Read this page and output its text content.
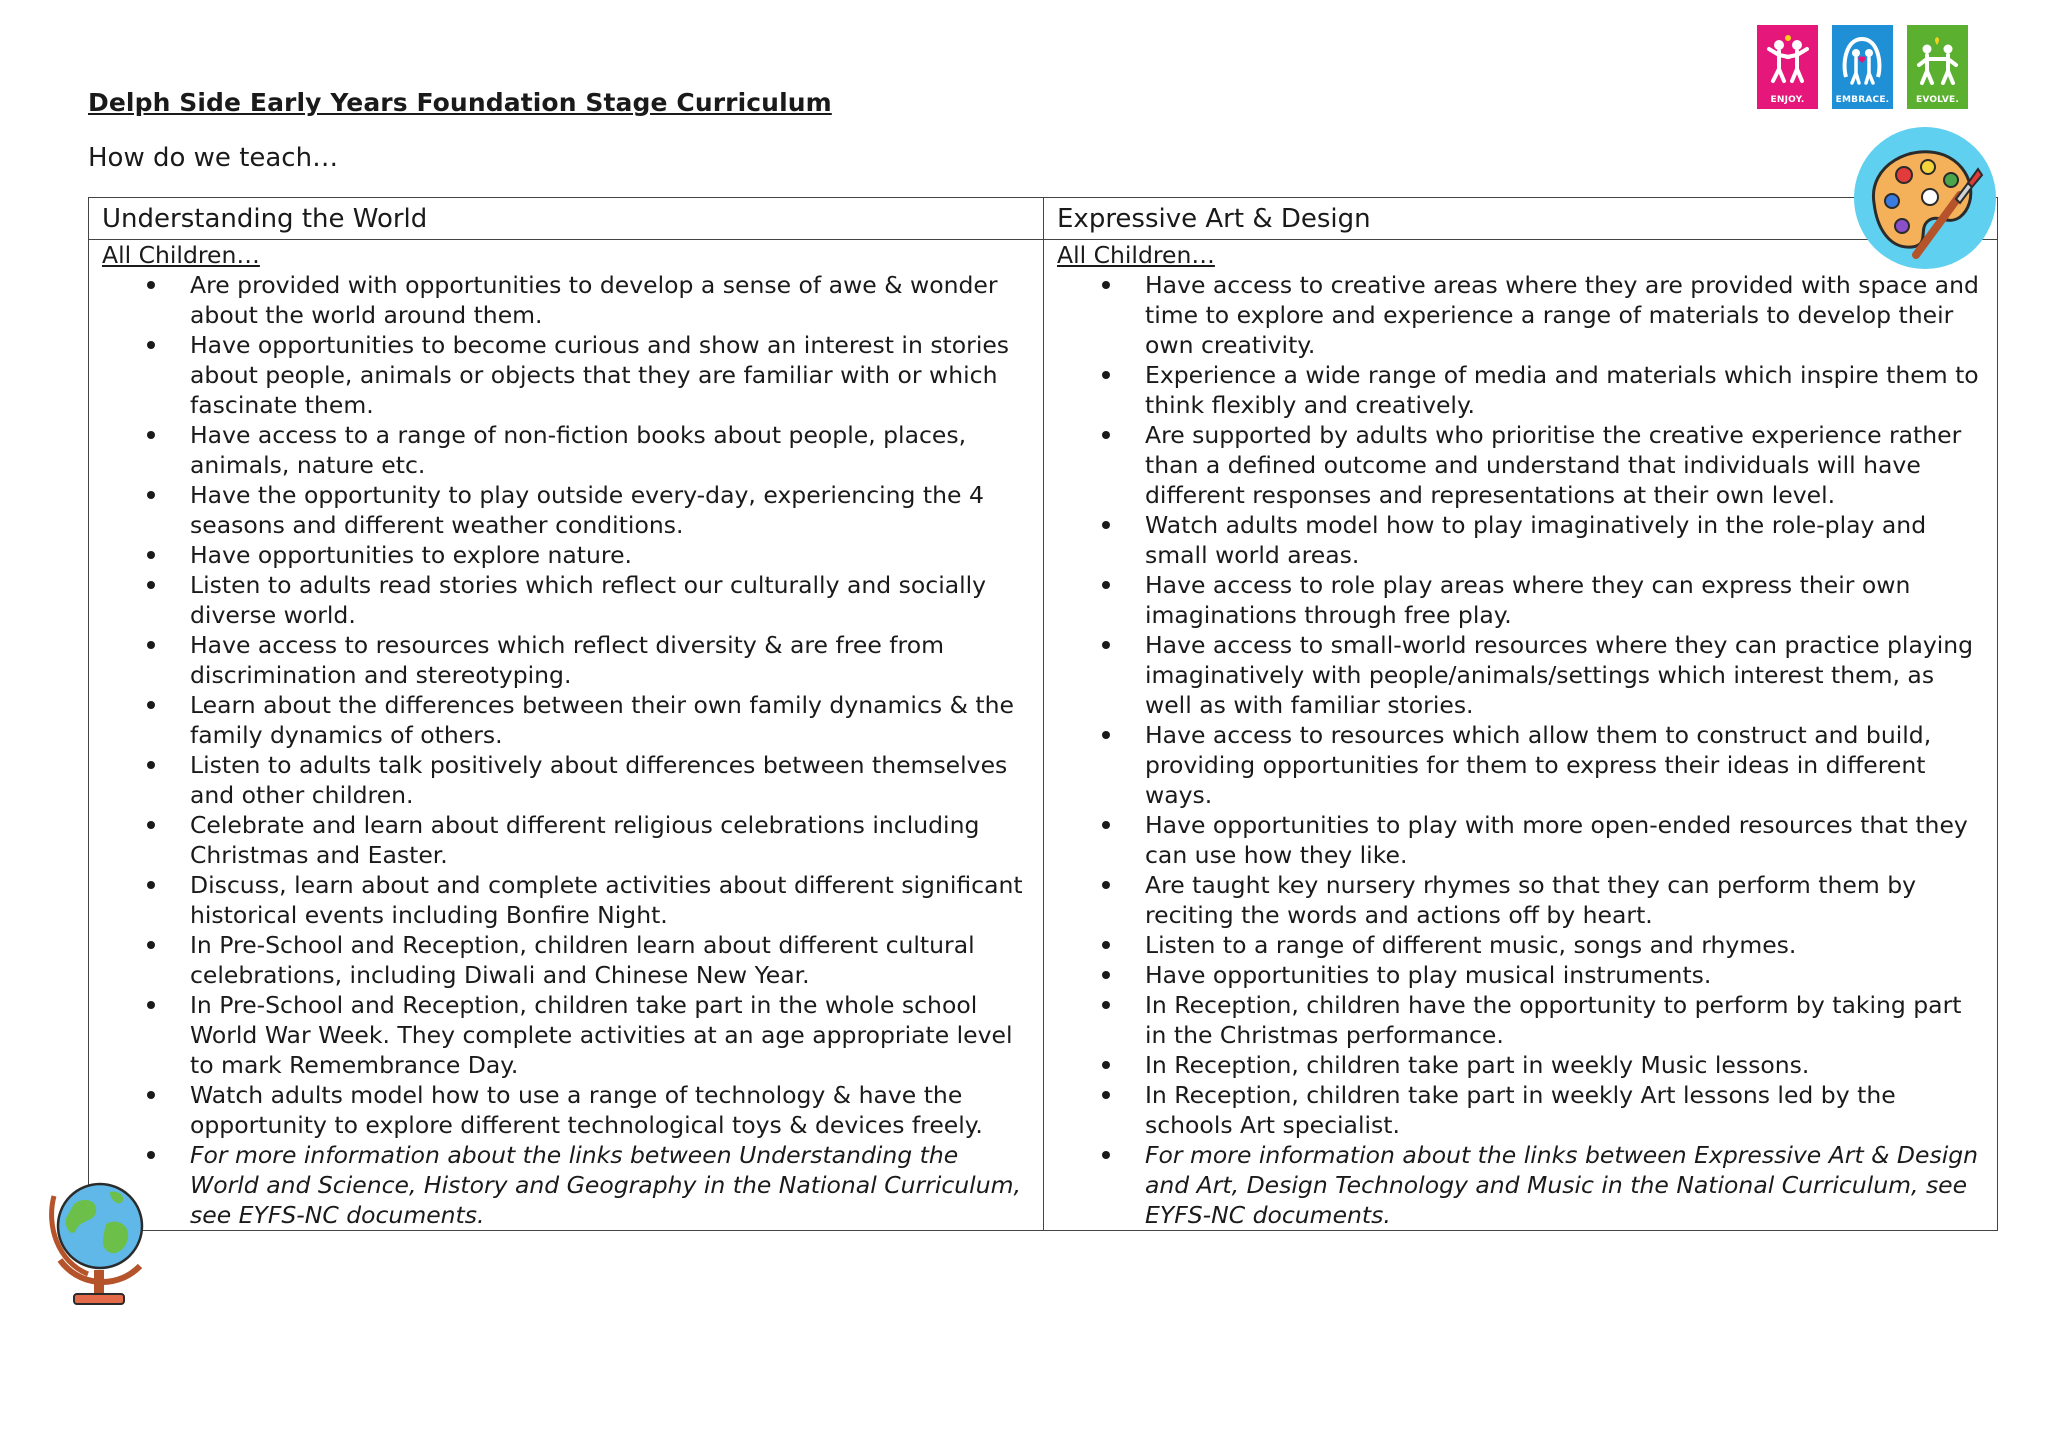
Delph Side Early Years Foundation Stage Curriculum
How do we teach…
ENJOY.	EMBRACE.	EVOLVE.
Understanding the World	Expressive Art & Design
All Children…
Are provided with opportunities to develop a sense of awe & wonder about the world around them.
Have opportunities to become curious and show an interest in stories about people, animals or objects that they are familiar with or which fascinate them.
Have access to a range of non-fiction books about people, places, animals, nature etc.
Have the opportunity to play outside every-day, experiencing the 4 seasons and different weather conditions.
Have opportunities to explore nature.
Listen to adults read stories which reflect our culturally and socially diverse world.
Have access to resources which reflect diversity & are free from discrimination and stereotyping.
Learn about the differences between their own family dynamics & the family dynamics of others.
Listen to adults talk positively about differences between themselves and other children.
Celebrate and learn about different religious celebrations including Christmas and Easter.
Discuss, learn about and complete activities about different significant historical events including Bonfire Night.
In Pre-School and Reception, children learn about different cultural celebrations, including Diwali and Chinese New Year.
In Pre-School and Reception, children take part in the whole school World War Week. They complete activities at an age appropriate level to mark Remembrance Day.
Watch adults model how to use a range of technology & have the opportunity to explore different technological toys & devices freely.
For more information about the links between Understanding the World and Science, History and Geography in the National Curriculum, see EYFS-NC documents.
All Children…
Have access to creative areas where they are provided with space and time to explore and experience a range of materials to develop their own creativity.
Experience a wide range of media and materials which inspire them to think flexibly and creatively.
Are supported by adults who prioritise the creative experience rather than a defined outcome and understand that individuals will have different responses and representations at their own level.
Watch adults model how to play imaginatively in the role-play and small world areas.
Have access to role play areas where they can express their own imaginations through free play.
Have access to small-world resources where they can practice playing imaginatively with people/animals/settings which interest them, as well as with familiar stories.
Have access to resources which allow them to construct and build, providing opportunities for them to express their ideas in different ways.
Have opportunities to play with more open-ended resources that they can use how they like.
Are taught key nursery rhymes so that they can perform them by reciting the words and actions off by heart.
Listen to a range of different music, songs and rhymes.
Have opportunities to play musical instruments.
In Reception, children have the opportunity to perform by taking part in the Christmas performance.
In Reception, children take part in weekly Music lessons.
In Reception, children take part in weekly Art lessons led by the schools Art specialist.
For more information about the links between Expressive Art & Design and Art, Design Technology and Music in the National Curriculum, see EYFS-NC documents.
